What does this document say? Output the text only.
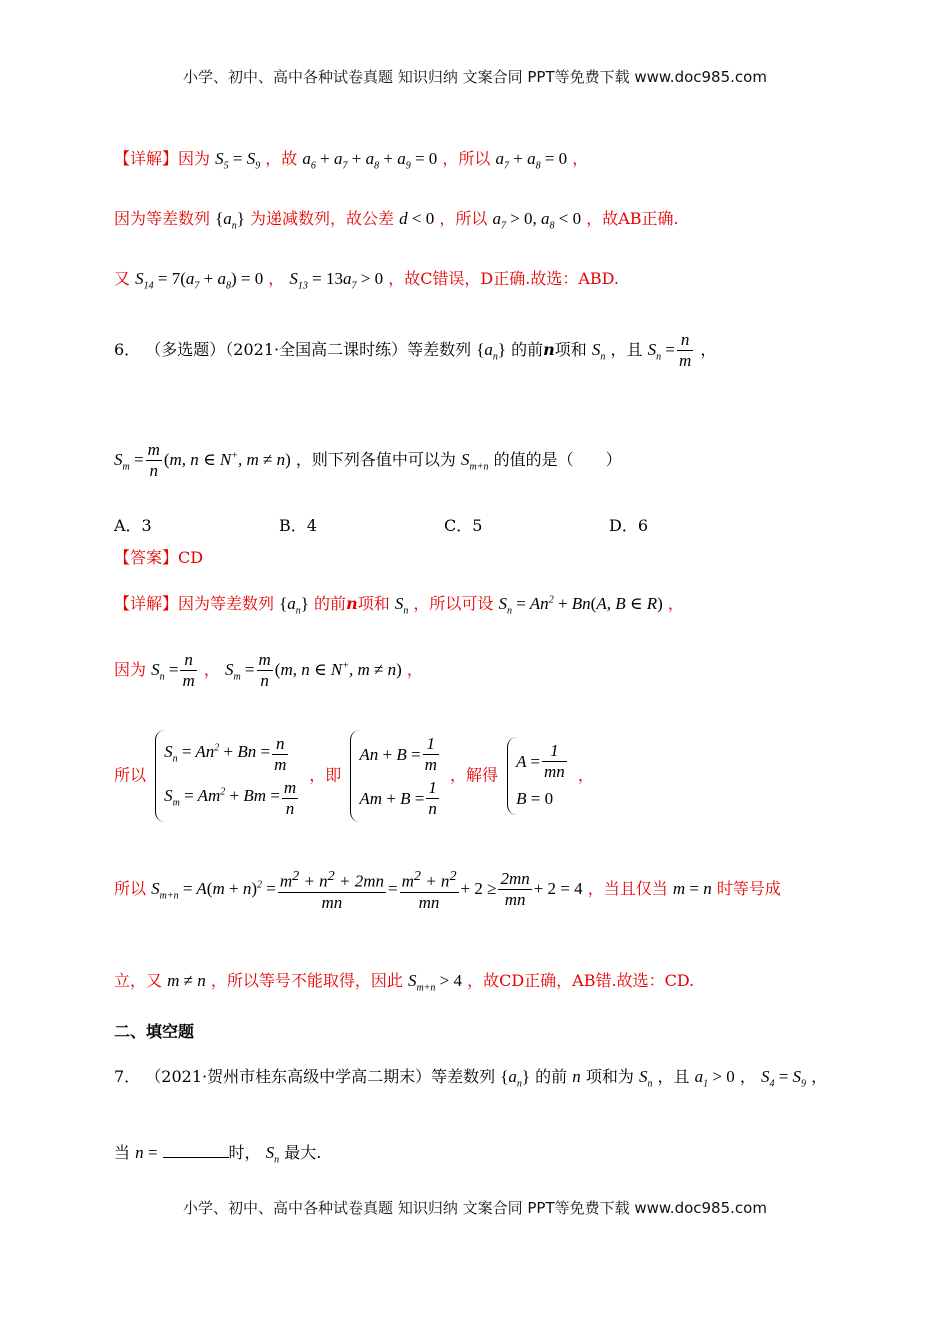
小学、初中、高中各种试卷真题 知识归纳 文案合同 PPT等免费下载 www.doc985.com
【详解】因为 $S_5 = S_9$ ，故 $a_6 + a_7 + a_8 + a_9 = 0$ ，所以 $a_7 + a_8 = 0$ ，
因为等差数列 $\{a_n\}$ 为递减数列，故公差 d < 0 ，所以 $a_7 > 0$, $a_8 < 0$ ，故AB正确.
又 $S_{14} = 7(a_7 + a_8) = 0$ ， $S_{13} = 13a_7 > 0$ ，故C错误，D正确.故选：ABD.
6． （多选题）（2021·全国高二课时练）等差数列 $\{a_n\}$ 的前n项和 $S_n$ ，且 $S_n = \frac{n}{m}$ ，
$S_m = \frac{m}{n} (m$, n ∈ N+, m ≠ n) ，则下列各值中可以为 $S_{m+n}$ 的值的是（　　）
A．3	B．4	C．5	D．6
【答案】CD
【详解】因为等差数列 $\{a_n\}$ 的前n项和 $S_n$ ，所以可设 $S_n = An^2 + Bn(A$, B ∈ R) ，
因为 $S_n = \frac{n}{m}$ ， $S_m = \frac{m}{n} (m$, n ∈ N+, m ≠ n) ，
所以
$S_n = An^2 + Bn = \frac{n}{m}$
$S_m = Am^2 + Bm = \frac{m}{n}$
，即
$An + B = \frac{1}{m}$
$Am + B = \frac{1}{n}$
，解得
$A = \frac{1}{mn}$
B = 0
，
所以 $S_{m+n} = A(m + n)^2 = \frac{m^2 + n^2 + 2mn}{mn} = \frac{m^2 + n^2}{mn} + 2 \ge \frac{2mn}{mn} + 2 = 4$ ，当且仅当 m = n 时等号成
立，又 m ≠ n ，所以等号不能取得，因此 $S_{m+n} > 4$ ，故CD正确，AB错.故选：CD.
二、填空题
7． （2021·贺州市桂东高级中学高二期末）等差数列 $\{a_n\}$ 的前 n 项和为 $S_n$ ，且 $a_1 > 0$ ， $S_4 = S_9$ ，
当 n =	时， $S_n$ 最大.
小学、初中、高中各种试卷真题 知识归纳 文案合同 PPT等免费下载 www.doc985.com
